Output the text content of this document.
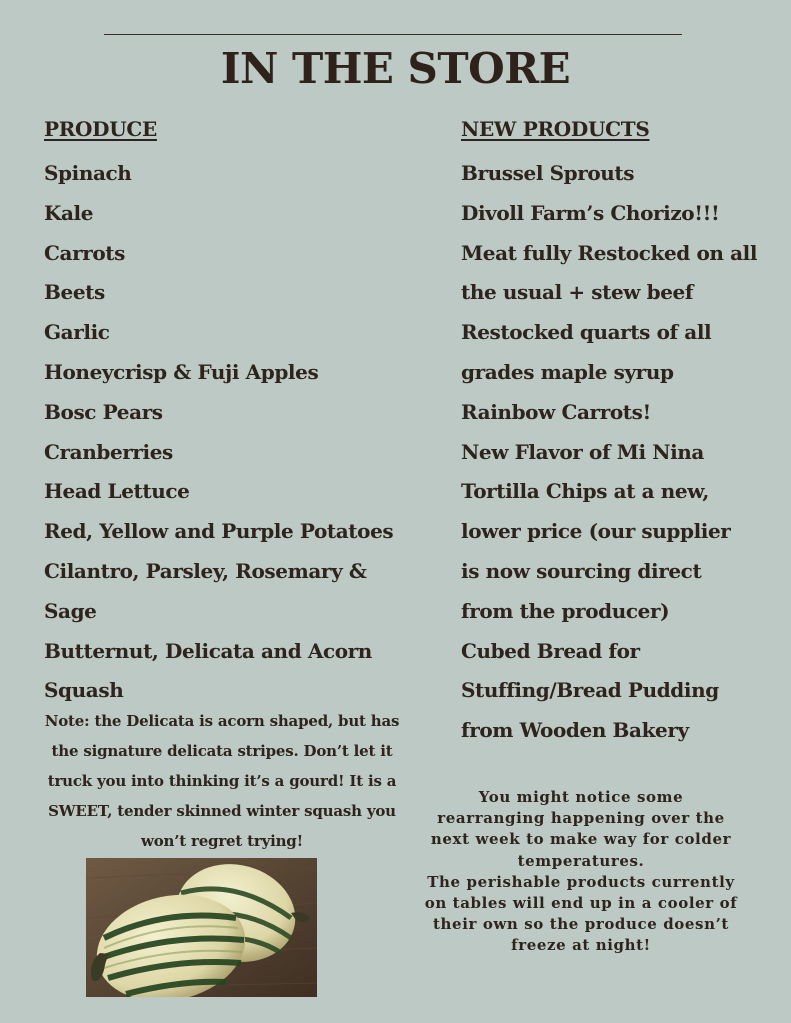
IN THE STORE
PRODUCE
Spinach
Kale
Carrots
Beets
Garlic
Honeycrisp & Fuji Apples
Bosc Pears
Cranberries
Head Lettuce
Red, Yellow and Purple Potatoes
Cilantro, Parsley, Rosemary &
Sage
Butternut, Delicata and Acorn
Squash
Note: the Delicata is acorn shaped, but has
the signature delicata stripes. Don’t let it
truck you into thinking it’s a gourd! It is a
SWEET, tender skinned winter squash you
won’t regret trying!
NEW PRODUCTS
Brussel Sprouts
Divoll Farm’s Chorizo!!!
Meat fully Restocked on all
the usual + stew beef
Restocked quarts of all
grades maple syrup
Rainbow Carrots!
New Flavor of Mi Nina
Tortilla Chips at a new,
lower price (our supplier
is now sourcing direct
from the producer)
Cubed Bread for
Stuffing/Bread Pudding
from Wooden Bakery
You might notice some
rearranging happening over the
next week to make way for colder
temperatures.
The perishable products currently
on tables will end up in a cooler of
their own so the produce doesn’t
freeze at night!
